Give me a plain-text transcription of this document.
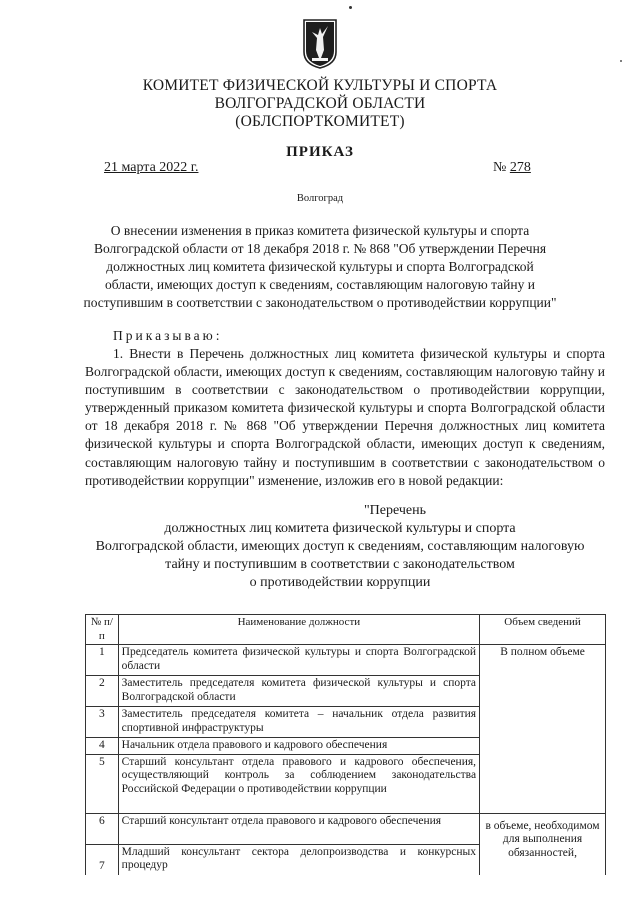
КОМИТЕТ ФИЗИЧЕСКОЙ КУЛЬТУРЫ И СПОРТА
ВОЛГОГРАДСКОЙ ОБЛАСТИ
(ОБЛСПОРТКОМИТЕТ)
ПРИКАЗ
21 марта 2022 г.	№ 278
Волгоград
О внесении изменения в приказ комитета физической культуры и спорта
Волгоградской области от 18 декабря 2018 г. № 868 "Об утверждении Перечня
должностных лиц комитета физической культуры и спорта Волгоградской
области, имеющих доступ к сведениям, составляющим налоговую тайну и
поступившим в соответствии с законодательством о противодействии коррупции"
Приказываю:
1. Внести в Перечень должностных лиц комитета физической культуры и спорта Волгоградской области, имеющих доступ к сведениям, составляющим налоговую тайну и поступившим в соответствии с законодательством о противодействии коррупции, утвержденный приказом комитета физической культуры и спорта Волгоградской области от 18 декабря 2018 г. № 868 "Об утверждении Перечня должностных лиц комитета физической культуры и спорта Волгоградской области, имеющих доступ к сведениям, составляющим налоговую тайну и поступившим в соответствии с законодательством о противодействии коррупции" изменение, изложив его в новой редакции:
"Перечень
должностных лиц комитета физической культуры и спорта
Волгоградской области, имеющих доступ к сведениям, составляющим налоговую
тайну и поступившим в соответствии с законодательством
о противодействии коррупции
№ п/п	Наименование должности	Объем сведений
1	Председатель комитета физической культуры и спорта Волгоградской области	В полном объеме
2	Заместитель председателя комитета физической культуры и спорта Волгоградской области	
3	Заместитель председателя комитета – начальник отдела развития спортивной инфраструктуры	
4	Начальник отдела правового и кадрового обеспечения	
5	Старший консультант отдела правового и кадрового обеспечения, осуществляющий контроль за соблюдением законодательства Российской Федерации о противодействии коррупции	
6	Старший консультант отдела правового и кадрового обеспечения	в объеме, необходимом для выполнения обязанностей,
7	Младший консультант сектора делопроизводства и конкурсных процедур	
